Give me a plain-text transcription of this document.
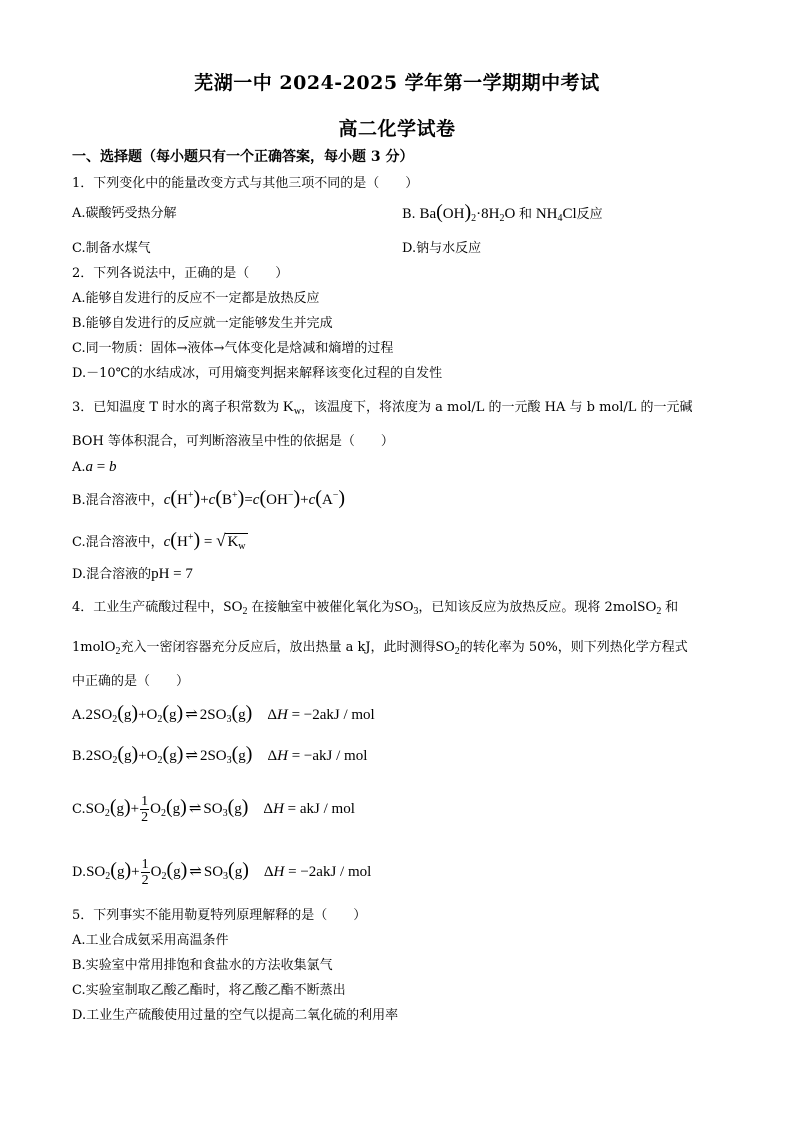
芜湖一中 2024-2025 学年第一学期期中考试
高二化学试卷
一、选择题（每小题只有一个正确答案，每小题 3 分）
1．下列变化中的能量改变方式与其他三项不同的是（　　）
A.碳酸钙受热分解	B. $Ba(OH)_2\cdot 8H_2O$ 和 $NH_4Cl$反应
C.制备水煤气	D.钠与水反应
2．下列各说法中，正确的是（　　）
A.能够自发进行的反应不一定都是放热反应
B.能够自发进行的反应就一定能够发生并完成
C.同一物质：固体→液体→气体变化是焓减和熵增的过程
D.－10℃的水结成冰，可用熵变判据来解释该变化过程的自发性
3．已知温度 T 时水的离子积常数为 $K_w$，该温度下，将浓度为 a mol/L 的一元酸 HA 与 b mol/L 的一元碱
BOH 等体积混合，可判断溶液呈中性的依据是（　　）
A.a = b
B.混合溶液中，c(H+)+c(B+)=c(OH−)+c(A−)
C.混合溶液中，c(H+) = √ $K_w$
D.混合溶液的pH = 7
4．工业生产硫酸过程中，$SO_2$ 在接触室中被催化氧化为$SO_3$，已知该反应为放热反应。现将 2molSO$_2$ 和
1molO$_2$充入一密闭容器充分反应后，放出热量 a kJ，此时测得$SO_2$的转化率为 50%，则下列热化学方程式
中正确的是（　　）
$A.2SO_2(g)+O_2(g)$ ⇌ $2SO_3(g)$    ΔH = −2akJ / mol
$B.2SO_2(g)+O_2(g)$ ⇌ $2SO_3(g)$    ΔH = −akJ / mol
$C.SO_2(g)+ \frac{1}{2} O_2(g)$ ⇌ $SO_3(g)$    ΔH = akJ / mol
$D.SO_2(g)+ \frac{1}{2} O_2(g)$ ⇌ $SO_3(g)$    ΔH = −2akJ / mol
5．下列事实不能用勒夏特列原理解释的是（　　）
A.工业合成氨采用高温条件
B.实验室中常用排饱和食盐水的方法收集氯气
C.实验室制取乙酸乙酯时，将乙酸乙酯不断蒸出
D.工业生产硫酸使用过量的空气以提高二氧化硫的利用率
